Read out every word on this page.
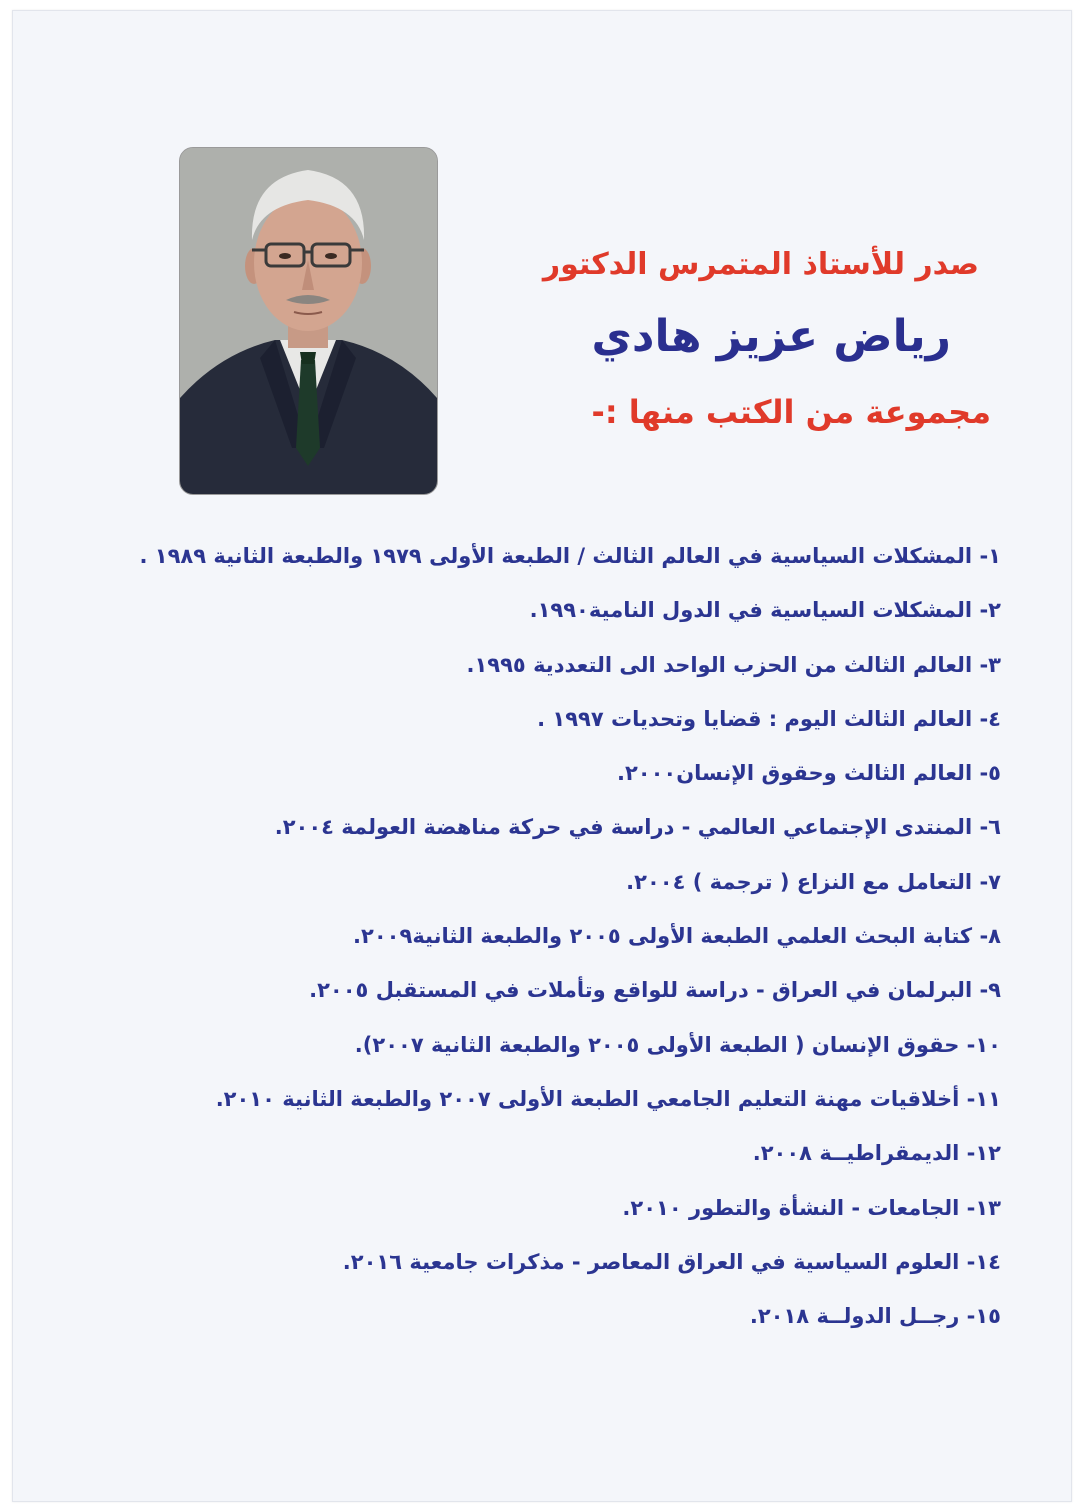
صدر للأستاذ المتمرس الدكتور
رياض عزيز هادي
مجموعة من الكتب منها :-
١- المشكلات السياسية في العالم الثالث / الطبعة الأولى ١٩٧٩ والطبعة الثانية ١٩٨٩ .
٢- المشكلات السياسية في الدول النامية١٩٩٠.
٣- العالم الثالث من الحزب الواحد الى التعددية ١٩٩٥.
٤- العالم الثالث اليوم : قضايا وتحديات ١٩٩٧ .
٥- العالم الثالث وحقوق الإنسان٢٠٠٠.
٦- المنتدى الإجتماعي العالمي - دراسة في حركة مناهضة العولمة ٢٠٠٤.
٧- التعامل مع النزاع ( ترجمة ) ٢٠٠٤.
٨- كتابة البحث العلمي الطبعة الأولى ٢٠٠٥ والطبعة الثانية٢٠٠٩.
٩- البرلمان في العراق - دراسة للواقع وتأملات في المستقبل ٢٠٠٥.
١٠- حقوق الإنسان ( الطبعة الأولى ٢٠٠٥ والطبعة الثانية ٢٠٠٧).
١١- أخلاقيات مهنة التعليم الجامعي الطبعة الأولى ٢٠٠٧ والطبعة الثانية ٢٠١٠.
١٢- الديمقراطيــة ٢٠٠٨.
١٣- الجامعات - النشأة والتطور ٢٠١٠.
١٤- العلوم السياسية في العراق المعاصر - مذكرات جامعية ٢٠١٦.
١٥- رجــل الدولــة ٢٠١٨.
